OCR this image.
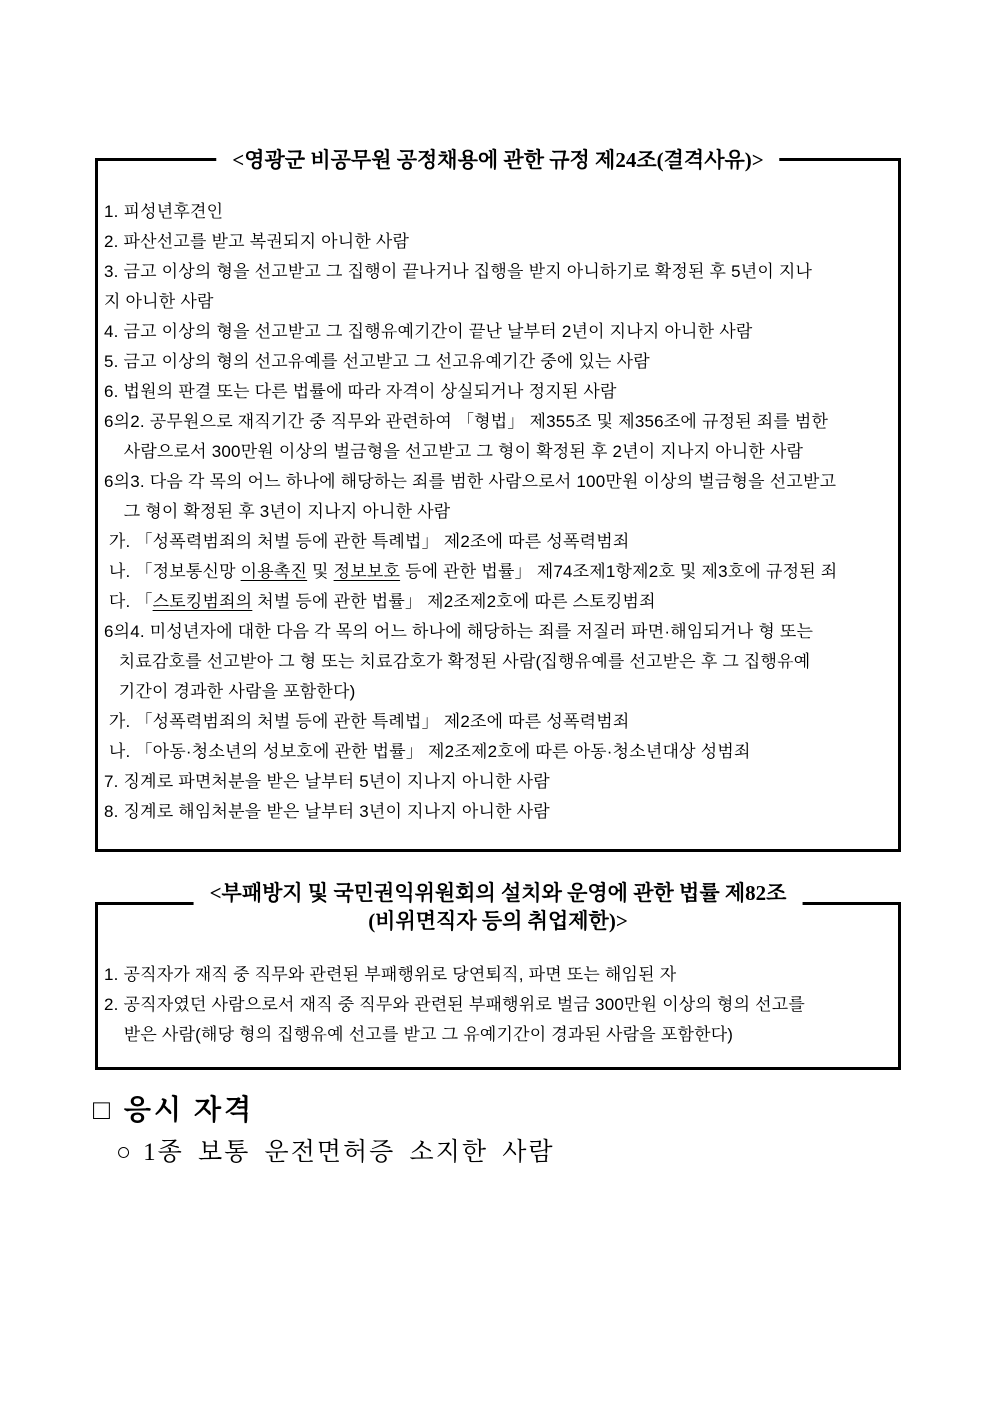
<영광군 비공무원 공정채용에 관한 규정 제24조(결격사유)>
1. 피성년후견인
2. 파산선고를 받고 복권되지 아니한 사람
3. 금고 이상의 형을 선고받고 그 집행이 끝나거나 집행을 받지 아니하기로 확정된 후 5년이 지나
지 아니한 사람
4. 금고 이상의 형을 선고받고 그 집행유예기간이 끝난 날부터 2년이 지나지 아니한 사람
5. 금고 이상의 형의 선고유예를 선고받고 그 선고유예기간 중에 있는 사람
6. 법원의 판결 또는 다른 법률에 따라 자격이 상실되거나 정지된 사람
6의2. 공무원으로 재직기간 중 직무와 관련하여 「형법」 제355조 및 제356조에 규정된 죄를 범한
사람으로서 300만원 이상의 벌금형을 선고받고 그 형이 확정된 후 2년이 지나지 아니한 사람
6의3. 다음 각 목의 어느 하나에 해당하는 죄를 범한 사람으로서 100만원 이상의 벌금형을 선고받고
그 형이 확정된 후 3년이 지나지 아니한 사람
가. 「성폭력범죄의 처벌 등에 관한 특례법」 제2조에 따른 성폭력범죄
나. 「정보통신망 이용촉진 및 정보보호 등에 관한 법률」 제74조제1항제2호 및 제3호에 규정된 죄
다. 「스토킹범죄의 처벌 등에 관한 법률」 제2조제2호에 따른 스토킹범죄
6의4. 미성년자에 대한 다음 각 목의 어느 하나에 해당하는 죄를 저질러 파면·해임되거나 형 또는
치료감호를 선고받아 그 형 또는 치료감호가 확정된 사람(집행유예를 선고받은 후 그 집행유예
기간이 경과한 사람을 포함한다)
가. 「성폭력범죄의 처벌 등에 관한 특례법」 제2조에 따른 성폭력범죄
나. 「아동·청소년의 성보호에 관한 법률」 제2조제2호에 따른 아동·청소년대상 성범죄
7. 징계로 파면처분을 받은 날부터 5년이 지나지 아니한 사람
8. 징계로 해임처분을 받은 날부터 3년이 지나지 아니한 사람
<부패방지 및 국민권익위원회의 설치와 운영에 관한 법률 제82조
(비위면직자 등의 취업제한)>
1. 공직자가 재직 중 직무와 관련된 부패행위로 당연퇴직, 파면 또는 해임된 자
2. 공직자였던 사람으로서 재직 중 직무와 관련된 부패행위로 벌금 300만원 이상의 형의 선고를
받은 사람(해당 형의 집행유예 선고를 받고 그 유예기간이 경과된 사람을 포함한다)
□ 응시 자격
○ 1종 보통 운전면허증 소지한 사람
